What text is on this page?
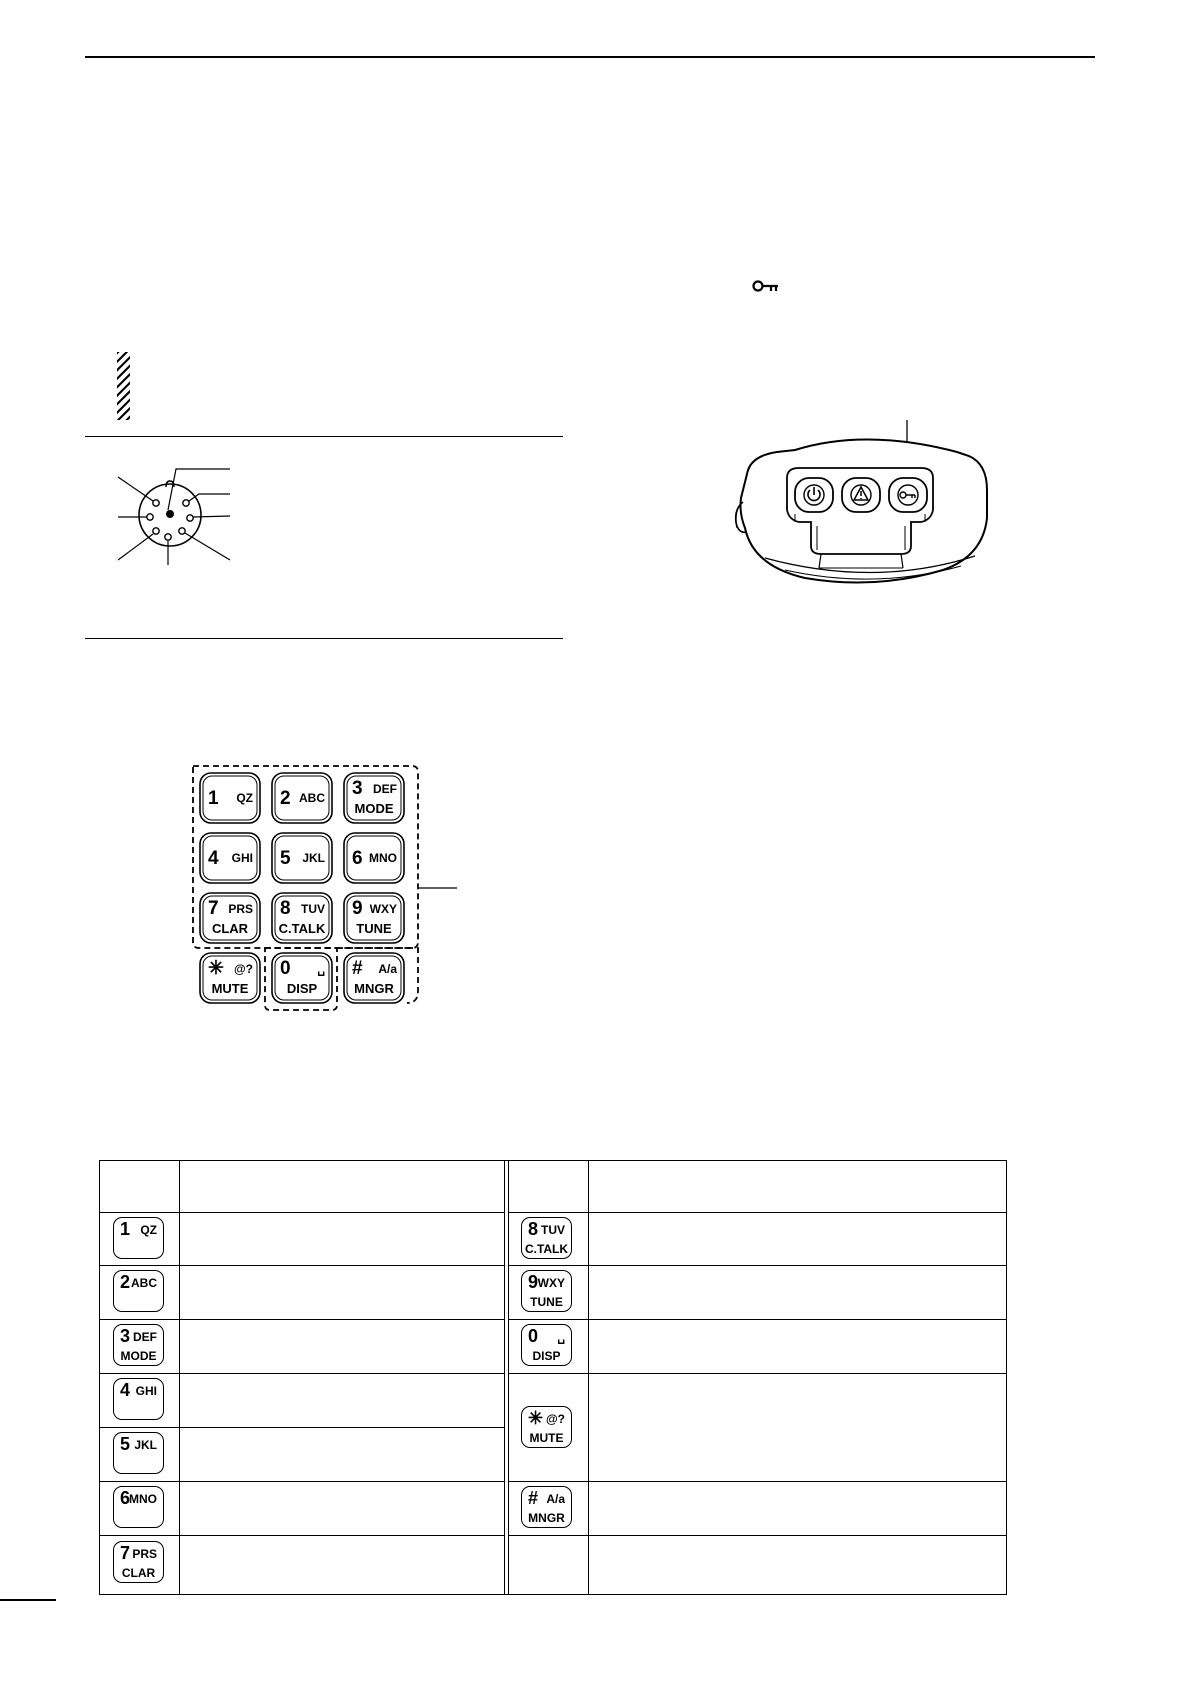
1 QZ 2 ABC 3 DEF
MODE
4 GHI 5 JKL 6 MNO
7 PRS
CLAR
8 TUV
C.TALK
9 WXY
TUNE
✳ @?
MUTE
0 ␣
DISP
# A/a
MNGR
1 QZ
2 ABC
3 DEF
MODE
4 GHI
5 JKL
6
MNO
7 PRS
CLAR
8 TUV
C.TALK
9 WXY
TUNE
0 ␣
DISP
✳ @?
MUTE
# A/a
MNGR
